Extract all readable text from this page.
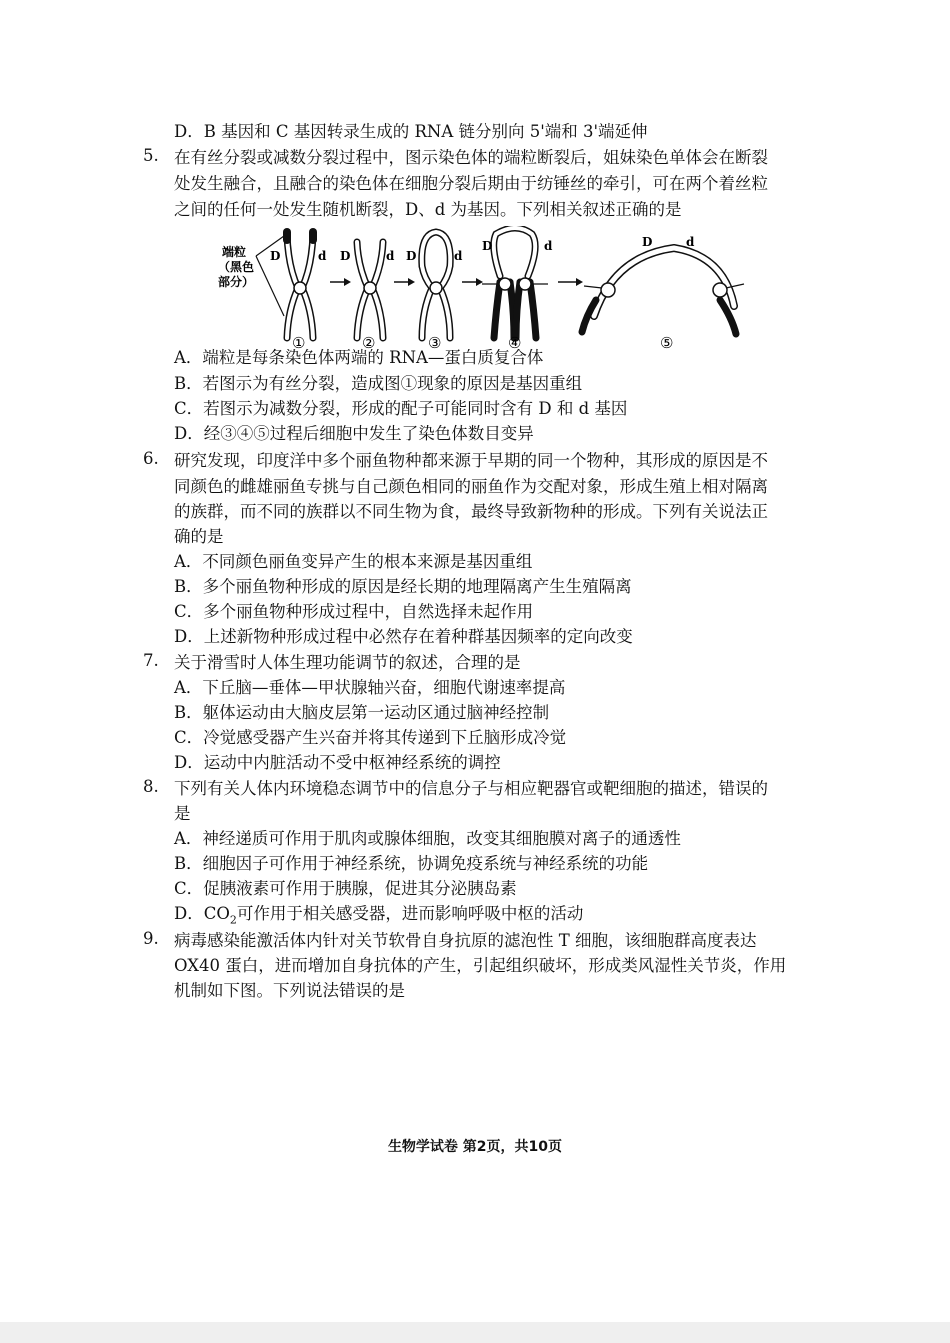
D．B 基因和 C 基因转录生成的 RNA 链分别向 5'端和 3'端延伸
5. 在有丝分裂或减数分裂过程中，图示染色体的端粒断裂后，姐妹染色单体会在断裂
处发生融合，且融合的染色体在细胞分裂后期由于纺锤丝的牵引，可在两个着丝粒
之间的任何一处发生随机断裂，D、d 为基因。下列相关叙述正确的是
端粒
（黑色
部分）
D	d D	d D	d
D	d	D	d
①	②	③	④	⑤
A．端粒是每条染色体两端的 RNA—蛋白质复合体
B．若图示为有丝分裂，造成图①现象的原因是基因重组
C．若图示为减数分裂，形成的配子可能同时含有 D 和 d 基因
D．经③④⑤过程后细胞中发生了染色体数目变异
6. 研究发现，印度洋中多个丽鱼物种都来源于早期的同一个物种，其形成的原因是不
同颜色的雌雄丽鱼专挑与自己颜色相同的丽鱼作为交配对象，形成生殖上相对隔离
的族群，而不同的族群以不同生物为食，最终导致新物种的形成。下列有关说法正
确的是
A．不同颜色丽鱼变异产生的根本来源是基因重组
B．多个丽鱼物种形成的原因是经长期的地理隔离产生生殖隔离
C．多个丽鱼物种形成过程中，自然选择未起作用
D．上述新物种形成过程中必然存在着种群基因频率的定向改变
7. 关于滑雪时人体生理功能调节的叙述，合理的是
A．下丘脑—垂体—甲状腺轴兴奋，细胞代谢速率提高
B．躯体运动由大脑皮层第一运动区通过脑神经控制
C．冷觉感受器产生兴奋并将其传递到下丘脑形成冷觉
D．运动中内脏活动不受中枢神经系统的调控
8. 下列有关人体内环境稳态调节中的信息分子与相应靶器官或靶细胞的描述，错误的
是
A．神经递质可作用于肌肉或腺体细胞，改变其细胞膜对离子的通透性
B．细胞因子可作用于神经系统，协调免疫系统与神经系统的功能
C．促胰液素可作用于胰腺，促进其分泌胰岛素
D．$CO_2$可作用于相关感受器，进而影响呼吸中枢的活动
9. 病毒感染能激活体内针对关节软骨自身抗原的滤泡性 T 细胞，该细胞群高度表达
OX40 蛋白，进而增加自身抗体的产生，引起组织破坏，形成类风湿性关节炎，作用
机制如下图。下列说法错误的是
生物学试卷 第2页，共10页
